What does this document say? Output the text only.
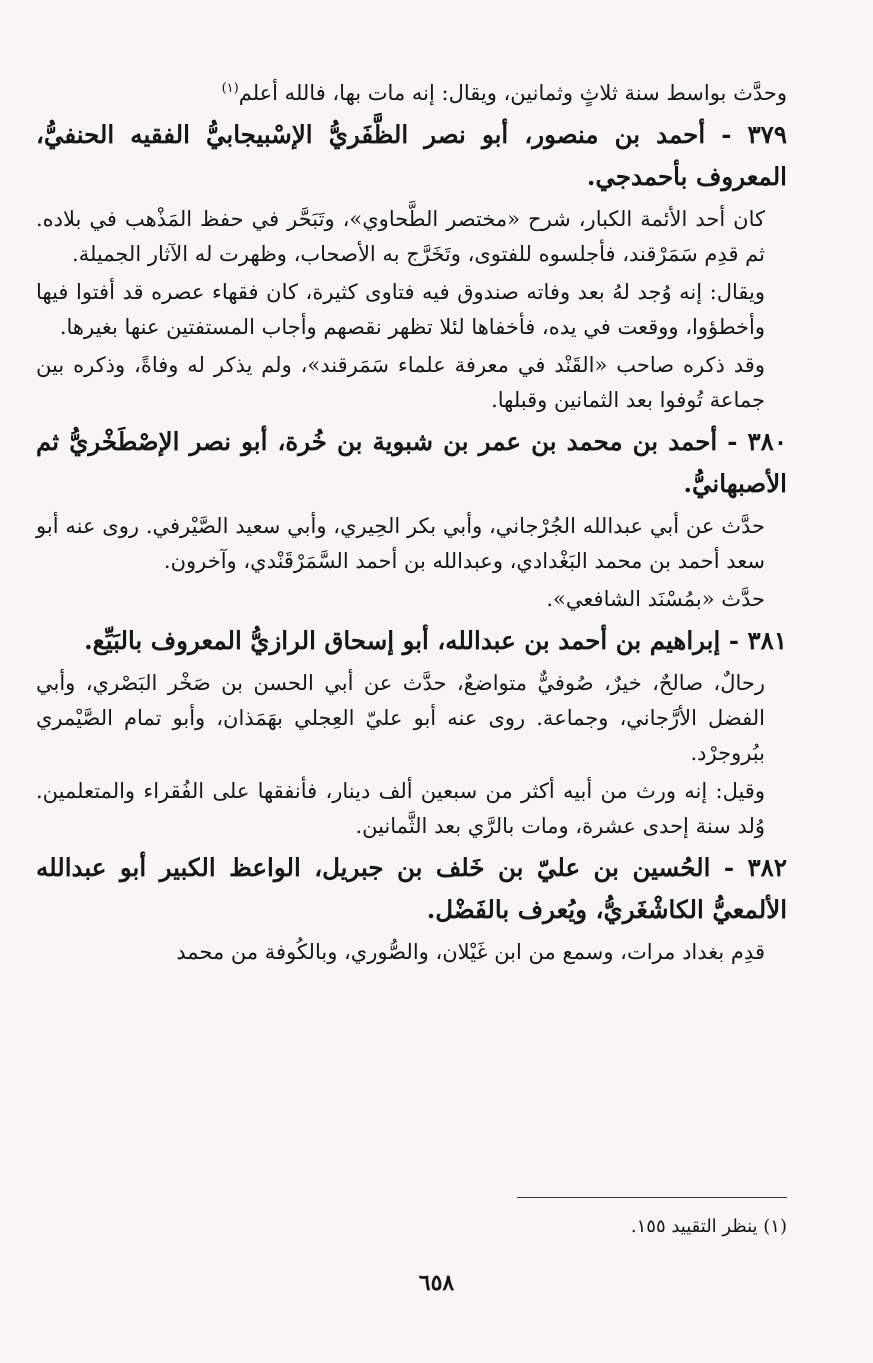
وحدَّث بواسط سنة ثلاثٍ وثمانين، ويقال: إنه مات بها، فالله أعلم$^{(١)}$

٣٧٩ - أحمد بن منصور، أبو نصر الظَّفَريُّ الإسْبيجابيُّ الفقيه الحنفيُّ، المعروف بأحمدجي.

كان أحد الأئمة الكبار، شرح «مختصر الطَّحاوي»، وتَبَحَّر في حفظ المَذْهب في بلاده. ثم قدِم سَمَرْقند، فأجلسوه للفتوى، وتَخَرَّج به الأصحاب، وظهرت له الآثار الجميلة.

ويقال: إنه وُجد لهُ بعد وفاته صندوق فيه فتاوى كثيرة، كان فقهاء عصره قد أفتوا فيها وأخطؤوا، ووقعت في يده، فأخفاها لئلا تظهر نقصهم وأجاب المستفتين عنها بغيرها.

وقد ذكره صاحب «القَنْد في معرفة علماء سَمَرقند»، ولم يذكر له وفاةً، وذكره بين جماعة تُوفوا بعد الثمانين وقبلها.

٣٨٠ - أحمد بن محمد بن عمر بن شبوية بن خُرة، أبو نصر الإصْطَخْريُّ ثم الأصبهانيُّ.

حدَّث عن أبي عبدالله الجُرْجاني، وأبي بكر الحِيري، وأبي سعيد الصَّيْرفي. روى عنه أبو سعد أحمد بن محمد البَغْدادي، وعبدالله بن أحمد السَّمَرْقَنْدي، وآخرون.

حدَّث «بمُسْنَد الشافعي».

٣٨١ - إبراهيم بن أحمد بن عبدالله، أبو إسحاق الرازيُّ المعروف بالبَيِّع.

رحالٌ، صالحٌ، خيرٌ، صُوفيٌّ متواضعٌ، حدَّث عن أبي الحسن بن صَخْر البَصْري، وأبي الفضل الأرَّجاني، وجماعة. روى عنه أبو عليّ العِجلي بهَمَذان، وأبو تمام الصَّيْمري ببُروجرْد.

وقيل: إنه ورث من أبيه أكثر من سبعين ألف دينار، فأنفقها على الفُقراء والمتعلمين. وُلد سنة إحدى عشرة، ومات بالرَّي بعد الثَّمانين.

٣٨٢ - الحُسين بن عليّ بن خَلف بن جبريل، الواعظ الكبير أبو عبدالله الألمعيُّ الكاشْغَريُّ، ويُعرف بالفَضْل.

قدِم بغداد مرات، وسمع من ابن غَيْلان، والصُّوري، وبالكُوفة من محمد

(١) ينظر التقييد ١٥٥.
٦٥٨
